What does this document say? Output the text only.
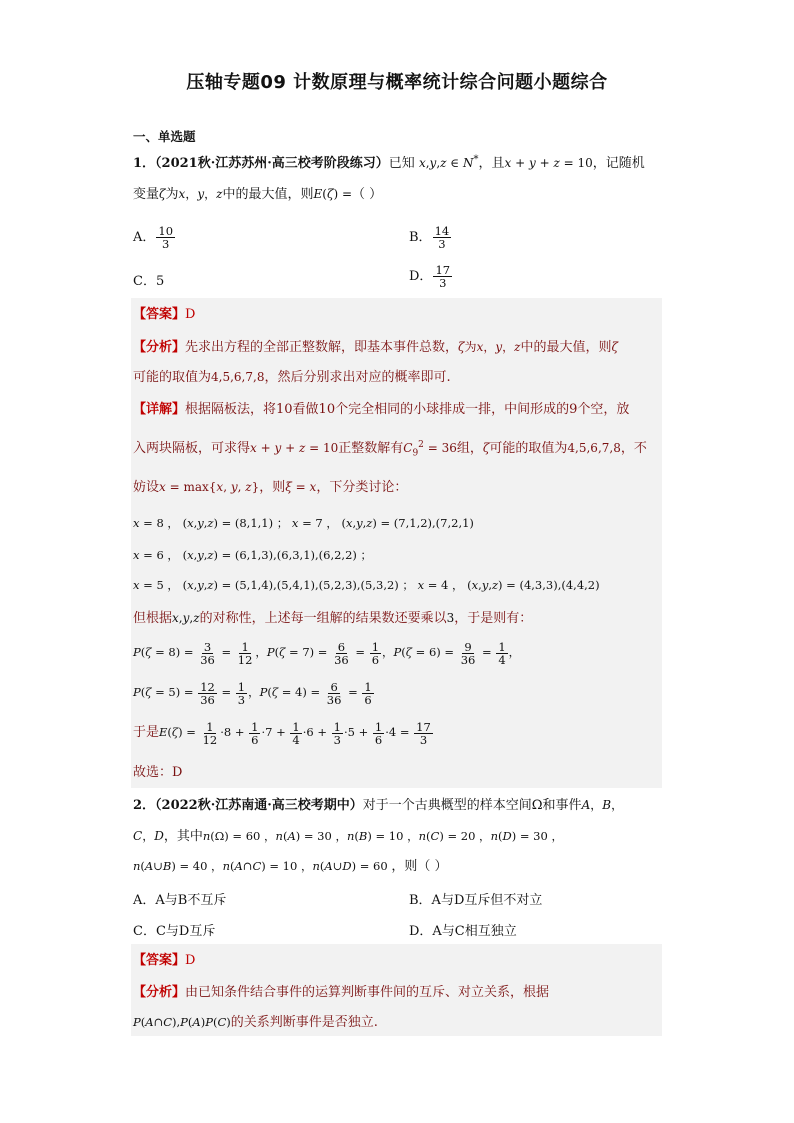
压轴专题09 计数原理与概率统计综合问题小题综合
一、单选题
1．（2021秋·江苏苏州·高三校考阶段练习）已知 x,y,z ∈ N*，且x + y + z = 10，记随机
变量ζ为x，y，z中的最大值，则E(ζ) =（ ）
A． $\frac{10}{3}$	B． $\frac{14}{3}$
C．5	D． $\frac{17}{3}$
【答案】D
【分析】先求出方程的全部正整数解，即基本事件总数，ζ为x，y，z中的最大值，则ζ
可能的取值为4,5,6,7,8，然后分别求出对应的概率即可.
【详解】根据隔板法，将10看做10个完全相同的小球排成一排，中间形成的9个空，放
入两块隔板，可求得x + y + z = 10正整数解有$C_9^2 = 36$组，ζ可能的取值为4,5,6,7,8，不
妨设x = max{x, y, z}，则ξ = x，下分类讨论：
x = 8 ， (x,y,z) = (8,1,1) ； x = 7 ， (x,y,z) = (7,1,2),(7,2,1)
x = 6 ， (x,y,z) = (6,1,3),(6,3,1),(6,2,2) ；
x = 5 ， (x,y,z) = (5,1,4),(5,4,1),(5,2,3),(5,3,2) ； x = 4 ， (x,y,z) = (4,3,3),(4,4,2)
但根据x,y,z的对称性，上述每一组解的结果数还要乘以3，于是则有：
$P(\zeta = 8) = \frac{3}{36} = \frac{1}{12}$ ，$P(\zeta = 7) = \frac{6}{36} = \frac{1}{6}$ ，$P(\zeta = 6) = \frac{9}{36} = \frac{1}{4}$ ，
$P(\zeta = 5) = \frac{12}{36} = \frac{1}{3}$ ，$P(\zeta = 4) = \frac{6}{36} = \frac{1}{6}$
于是$E(\zeta) = \frac{1}{12} \cdot 8 + \frac{1}{6} \cdot 7 + \frac{1}{4} \cdot 6 + \frac{1}{3} \cdot 5 + \frac{1}{6} \cdot 4 = \frac{17}{3}$
故选：D
2．（2022秋·江苏南通·高三校考期中）对于一个古典概型的样本空间Ω和事件A，B，
C，D，其中n(Ω) = 60 ，n(A) = 30 ，n(B) = 10 ，n(C) = 20 ，n(D) = 30 ，
n(A∪B) = 40 ，n(A∩C) = 10 ，n(A∪D) = 60 ，则（ ）
A．A与B不互斥	B．A与D互斥但不对立
C．C与D互斥	D．A与C相互独立
【答案】D
【分析】由已知条件结合事件的运算判断事件间的互斥、对立关系，根据
P(A∩C),P(A)P(C)的关系判断事件是否独立.
